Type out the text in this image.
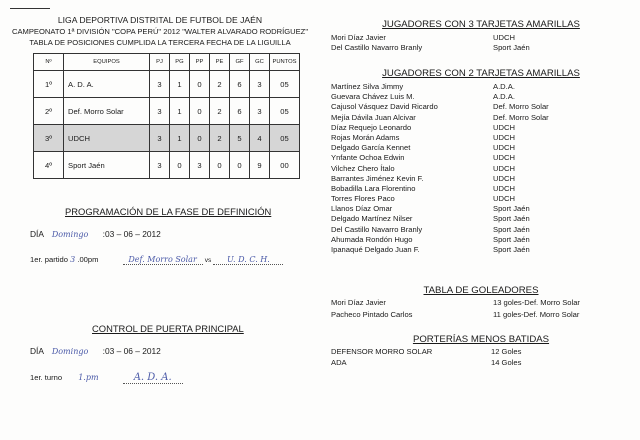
LIGA DEPORTIVA DISTRITAL DE FUTBOL DE JAÉN
CAMPEONATO 1ª DIVISIÓN "COPA PERÚ" 2012 "WALTER ALVARADO RODRÍGUEZ"
TABLA DE POSICIONES CUMPLIDA LA TERCERA FECHA DE LA LIGUILLA
Nº	EQUIPOS	PJ	PG	PP	PE	GF	GC	PUNTOS
1º	A. D. A.	3	1	0	2	6	3	05
2º	Def. Morro Solar	3	1	0	2	6	3	05
3º	UDCH	3	1	0	2	5	4	05
4º	Sport Jaén	3	0	3	0	0	9	00
PROGRAMACIÓN DE LA FASE DE DEFINICIÓN
DÍA Domingo :03 – 06 – 2012
1er. partido 3 .00pm	Def. Morro Solar vs U. D. C. H.
CONTROL DE PUERTA PRINCIPAL
DÍA Domingo :03 – 06 – 2012
1er. turno 1.pm	A. D. A.
JUGADORES CON 3 TARJETAS AMARILLAS
Mori Díaz Javier	UDCH
Del Castillo Navarro Branly	Sport Jaén
JUGADORES CON 2 TARJETAS AMARILLAS
Martínez Silva Jimmy	A.D.A.
Guevara Chávez Luis M.	A.D.A.
Cajusol Vásquez David Ricardo	Def. Morro Solar
Mejía Dávila Juan Alcivar	Def. Morro Solar
Díaz Requejo Leonardo	UDCH
Rojas Morán Adams	UDCH
Delgado García Kennet	UDCH
Ynfante Ochoa Edwin	UDCH
Vilchez Chero Ítalo	UDCH
Barrantes Jiménez Kevin F.	UDCH
Bobadilla Lara Florentino	UDCH
Torres Flores Paco	UDCH
Llanos Díaz Omar	Sport Jaén
Delgado Martínez Nilser	Sport Jaén
Del Castillo Navarro Branly	Sport Jaén
Ahumada Rondón Hugo	Sport Jaén
Ipanaqué Delgado Juan F.	Sport Jaén
TABLA DE GOLEADORES
Mori Díaz Javier	13 goles-Def. Morro Solar
Pacheco Pintado Carlos	11 goles-Def. Morro Solar
PORTERÍAS MENOS BATIDAS
DEFENSOR MORRO SOLAR	12 Goles
ADA	14 Goles
